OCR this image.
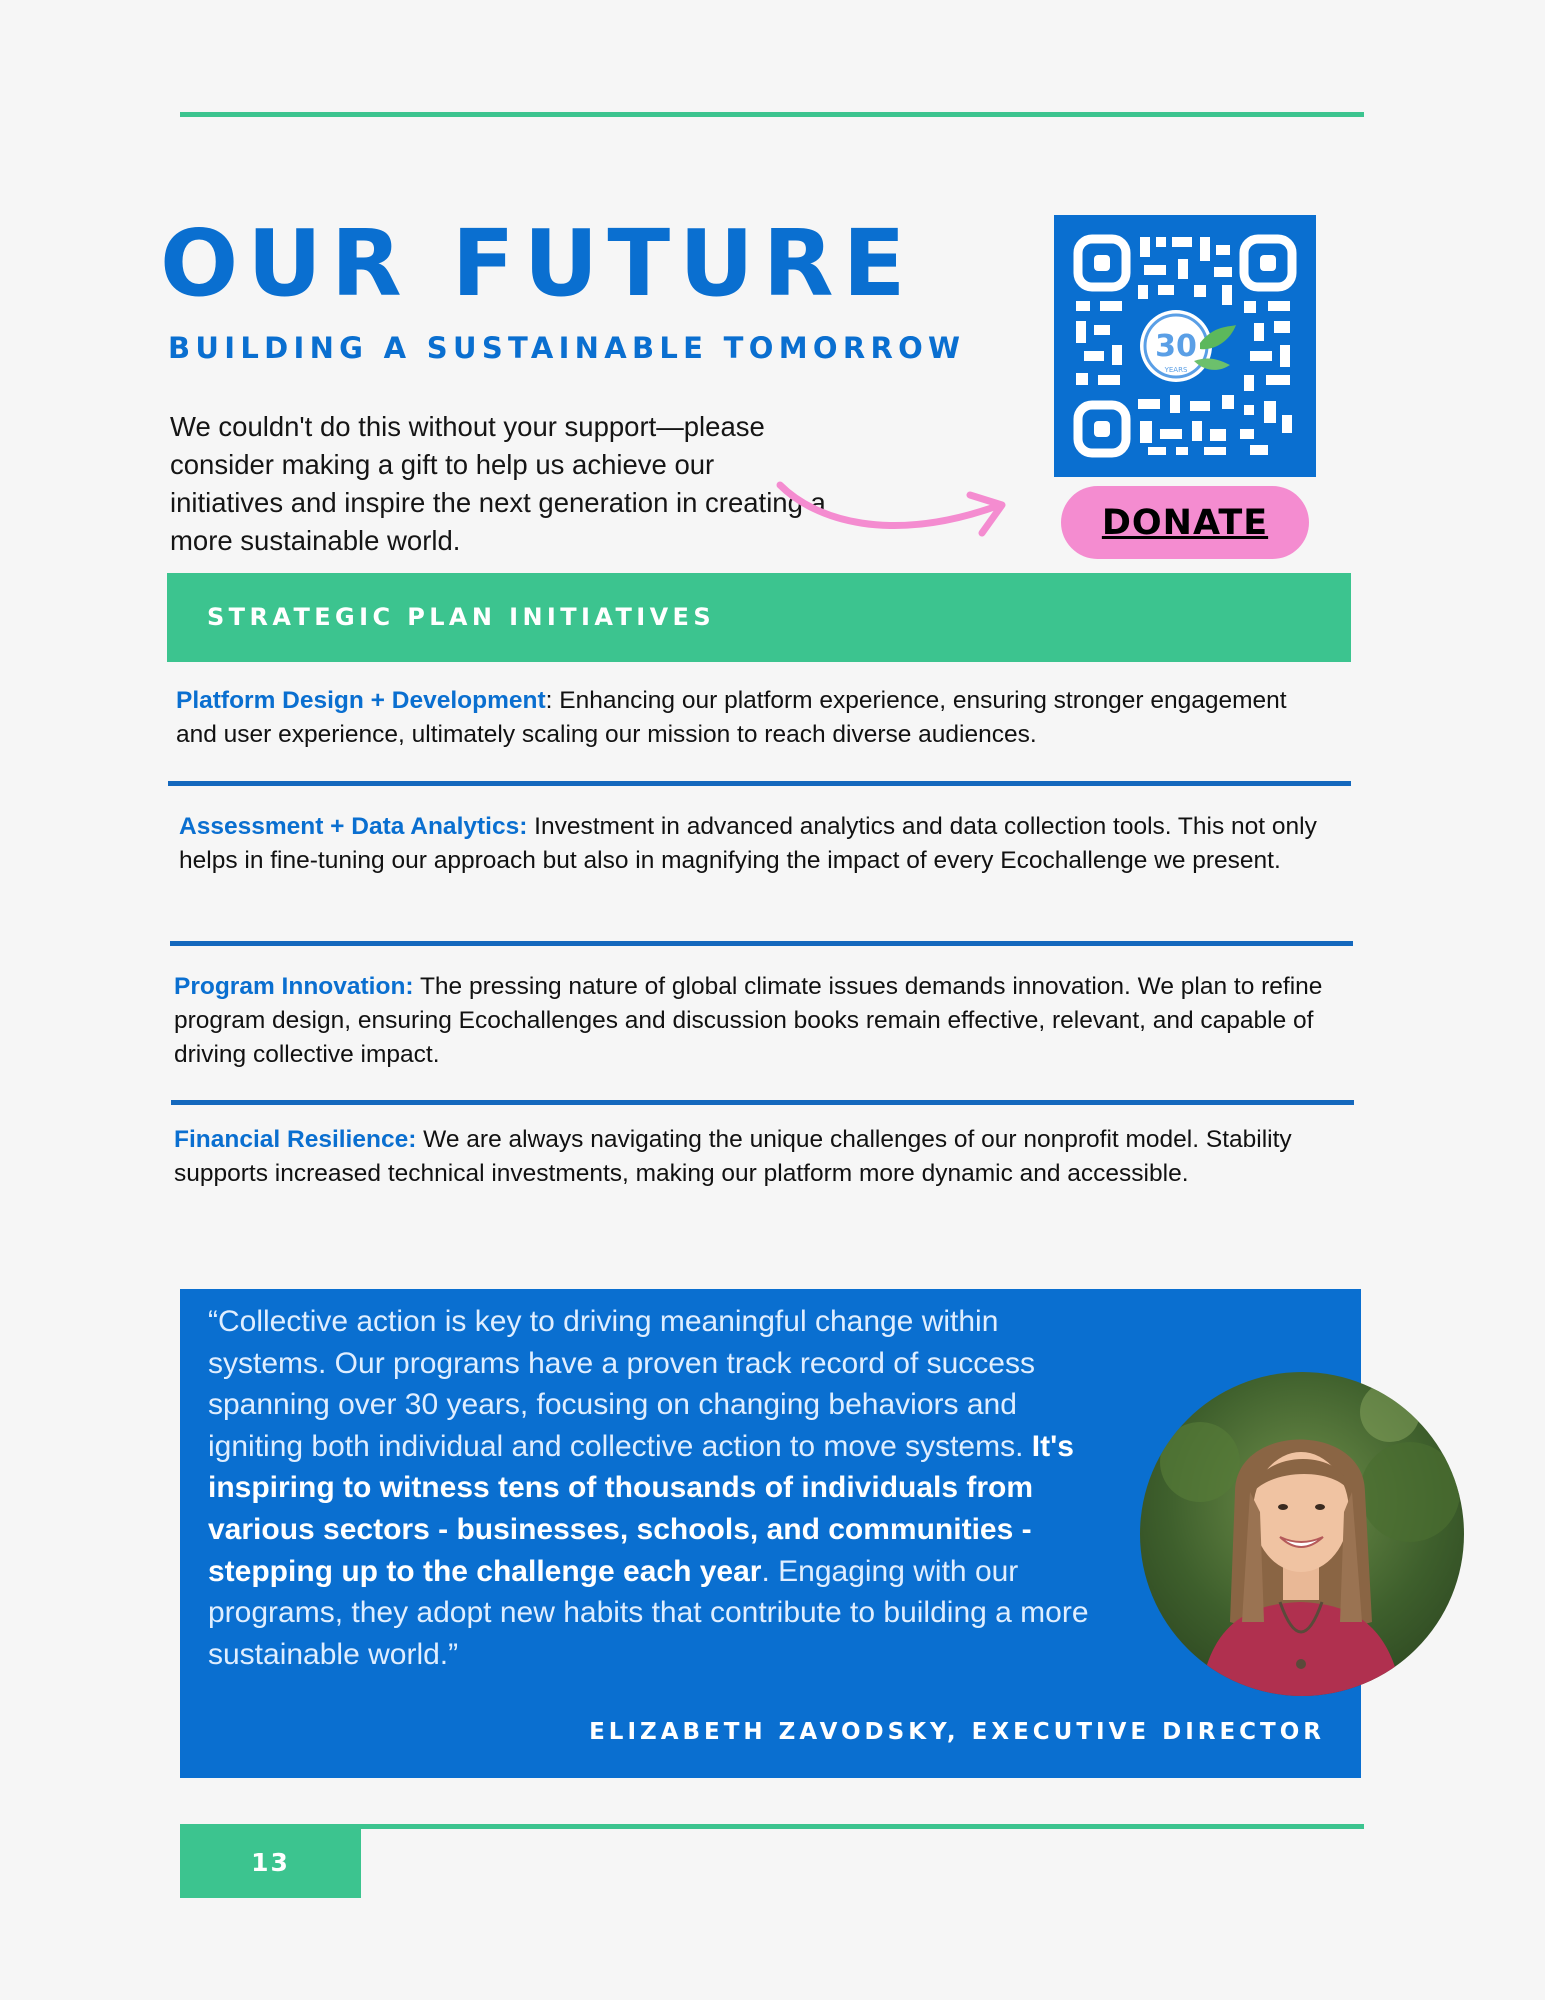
OUR FUTURE
BUILDING A SUSTAINABLE TOMORROW

We couldn't do this without your support—please consider making a gift to help us achieve our initiatives and inspire the next generation in creating a more sustainable world.

30
YEARS
DONATE
STRATEGIC PLAN INITIATIVES

Platform Design + Development: Enhancing our platform experience, ensuring stronger engagement and user experience, ultimately scaling our mission to reach diverse audiences.

Assessment + Data Analytics: Investment in advanced analytics and data collection tools. This not only helps in fine-tuning our approach but also in magnifying the impact of every Ecochallenge we present.

Program Innovation: The pressing nature of global climate issues demands innovation. We plan to refine program design, ensuring Ecochallenges and discussion books remain effective, relevant, and capable of driving collective impact.

Financial Resilience: We are always navigating the unique challenges of our nonprofit model. Stability supports increased technical investments, making our platform more dynamic and accessible.

“Collective action is key to driving meaningful change within systems. Our programs have a proven track record of success spanning over 30 years, focusing on changing behaviors and igniting both individual and collective action to move systems. It's inspiring to witness tens of thousands of individuals from various sectors - businesses, schools, and communities - stepping up to the challenge each year. Engaging with our programs, they adopt new habits that contribute to building a more sustainable world.”

ELIZABETH ZAVODSKY, EXECUTIVE DIRECTOR
13
